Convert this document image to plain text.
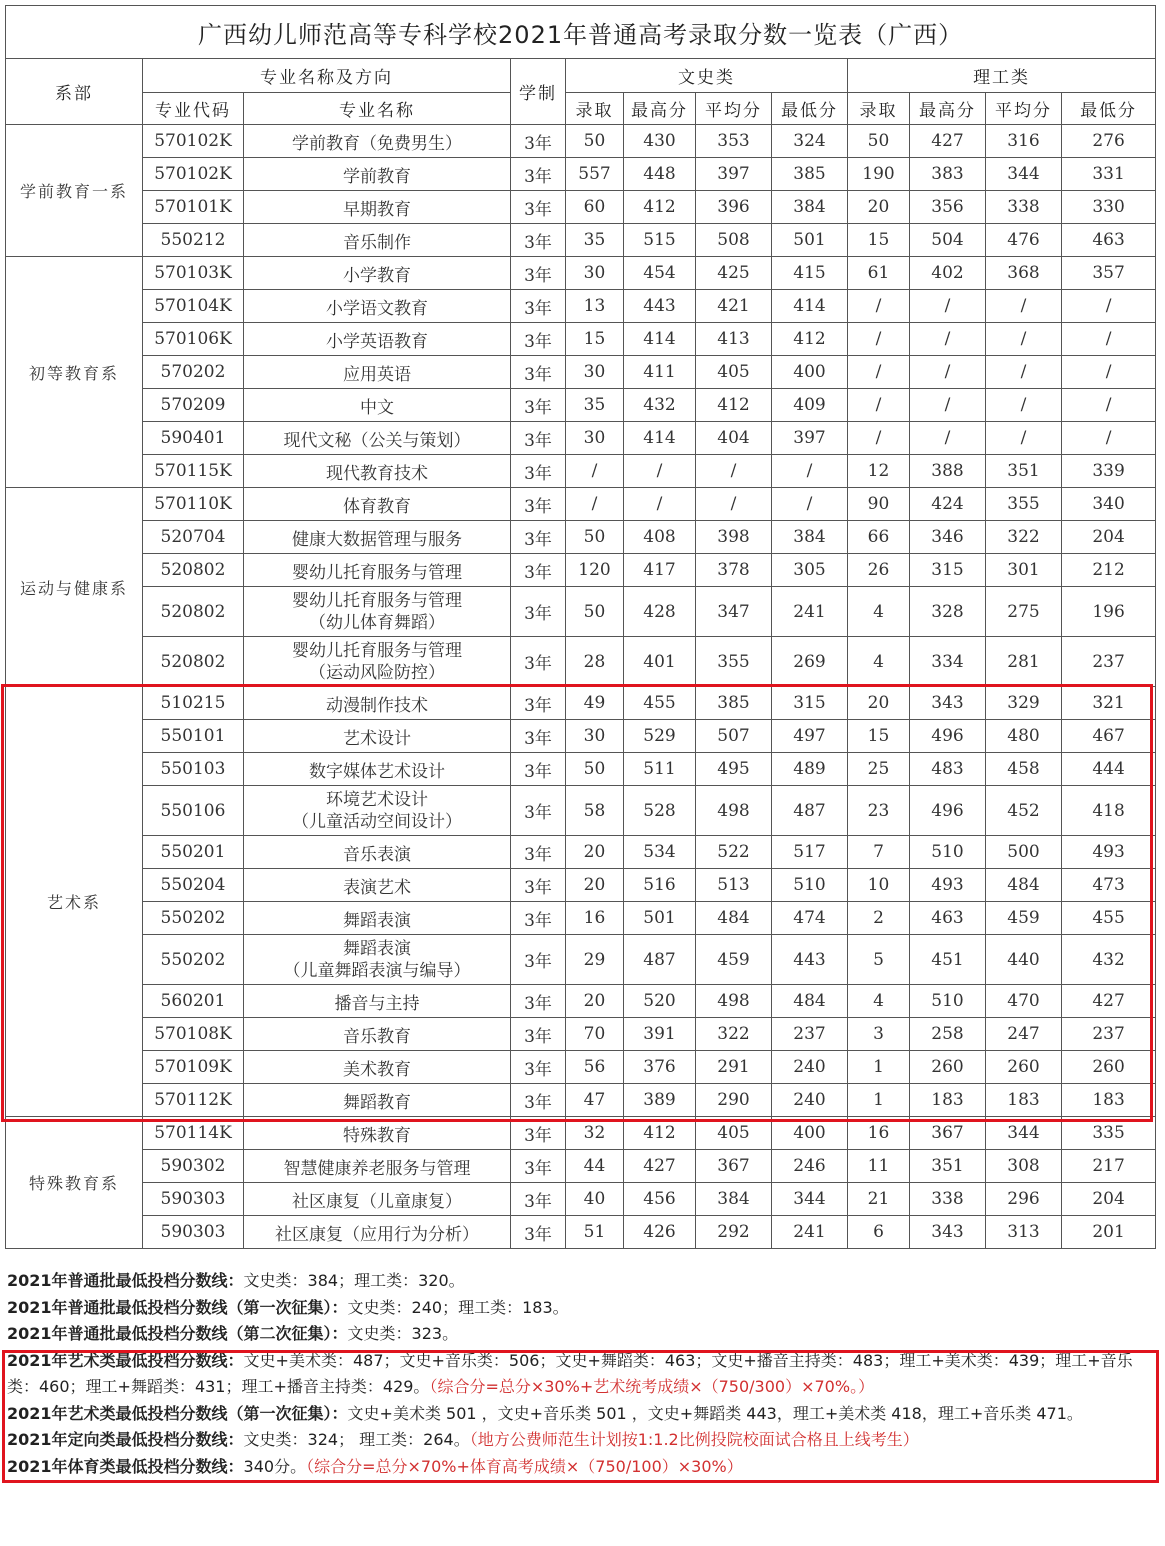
广西幼儿师范高等专科学校2021年普通高考录取分数一览表（广西）											
系部	专业名称及方向		学制	文史类				理工类			
	专业代码	专业名称		录取	最高分	平均分	最低分	录取	最高分	平均分	最低分
学前教育一系	570102K	学前教育（免费男生）	3年	50	430	353	324	50	427	316	276
	570102K	学前教育	3年	557	448	397	385	190	383	344	331
	570101K	早期教育	3年	60	412	396	384	20	356	338	330
	550212	音乐制作	3年	35	515	508	501	15	504	476	463
初等教育系	570103K	小学教育	3年	30	454	425	415	61	402	368	357
	570104K	小学语文教育	3年	13	443	421	414	/	/	/	/
	570106K	小学英语教育	3年	15	414	413	412	/	/	/	/
	570202	应用英语	3年	30	411	405	400	/	/	/	/
	570209	中文	3年	35	432	412	409	/	/	/	/
	590401	现代文秘（公关与策划）	3年	30	414	404	397	/	/	/	/
	570115K	现代教育技术	3年	/	/	/	/	12	388	351	339
运动与健康系	570110K	体育教育	3年	/	/	/	/	90	424	355	340
	520704	健康大数据管理与服务	3年	50	408	398	384	66	346	322	204
	520802	婴幼儿托育服务与管理	3年	120	417	378	305	26	315	301	212
	520802	婴幼儿托育服务与管理
（幼儿体育舞蹈）	3年	50	428	347	241	4	328	275	196
	520802	婴幼儿托育服务与管理
（运动风险防控）	3年	28	401	355	269	4	334	281	237
艺术系	510215	动漫制作技术	3年	49	455	385	315	20	343	329	321
	550101	艺术设计	3年	30	529	507	497	15	496	480	467
	550103	数字媒体艺术设计	3年	50	511	495	489	25	483	458	444
	550106	环境艺术设计
（儿童活动空间设计）	3年	58	528	498	487	23	496	452	418
	550201	音乐表演	3年	20	534	522	517	7	510	500	493
	550204	表演艺术	3年	20	516	513	510	10	493	484	473
	550202	舞蹈表演	3年	16	501	484	474	2	463	459	455
	550202	舞蹈表演
（儿童舞蹈表演与编导）	3年	29	487	459	443	5	451	440	432
	560201	播音与主持	3年	20	520	498	484	4	510	470	427
	570108K	音乐教育	3年	70	391	322	237	3	258	247	237
	570109K	美术教育	3年	56	376	291	240	1	260	260	260
	570112K	舞蹈教育	3年	47	389	290	240	1	183	183	183
特殊教育系	570114K	特殊教育	3年	32	412	405	400	16	367	344	335
	590302	智慧健康养老服务与管理	3年	44	427	367	246	11	351	308	217
	590303	社区康复（儿童康复）	3年	40	456	384	344	21	338	296	204
	590303	社区康复（应用行为分析）	3年	51	426	292	241	6	343	313	201
2021年普通批最低投档分数线：文史类：384；理工类：320。
2021年普通批最低投档分数线（第一次征集）：文史类：240；理工类：183。
2021年普通批最低投档分数线（第二次征集）：文史类：323。
2021年艺术类最低投档分数线：文史+美术类：487；文史+音乐类：506；文史+舞蹈类：463；文史+播音主持类：483；理工+美术类：439；理工+音乐类：460；理工+舞蹈类：431；理工+播音主持类：429。（综合分=总分×30%+艺术统考成绩×（750/300）×70%。）
2021年艺术类最低投档分数线（第一次征集）：文史+美术类 501 ，文史+音乐类 501 ，文史+舞蹈类 443，理工+美术类 418，理工+音乐类 471。
2021年定向类最低投档分数线：文史类：324； 理工类：264。（地方公费师范生计划按1:1.2比例投院校面试合格且上线考生）
2021年体育类最低投档分数线：340分。（综合分=总分×70%+体育高考成绩×（750/100）×30%）
